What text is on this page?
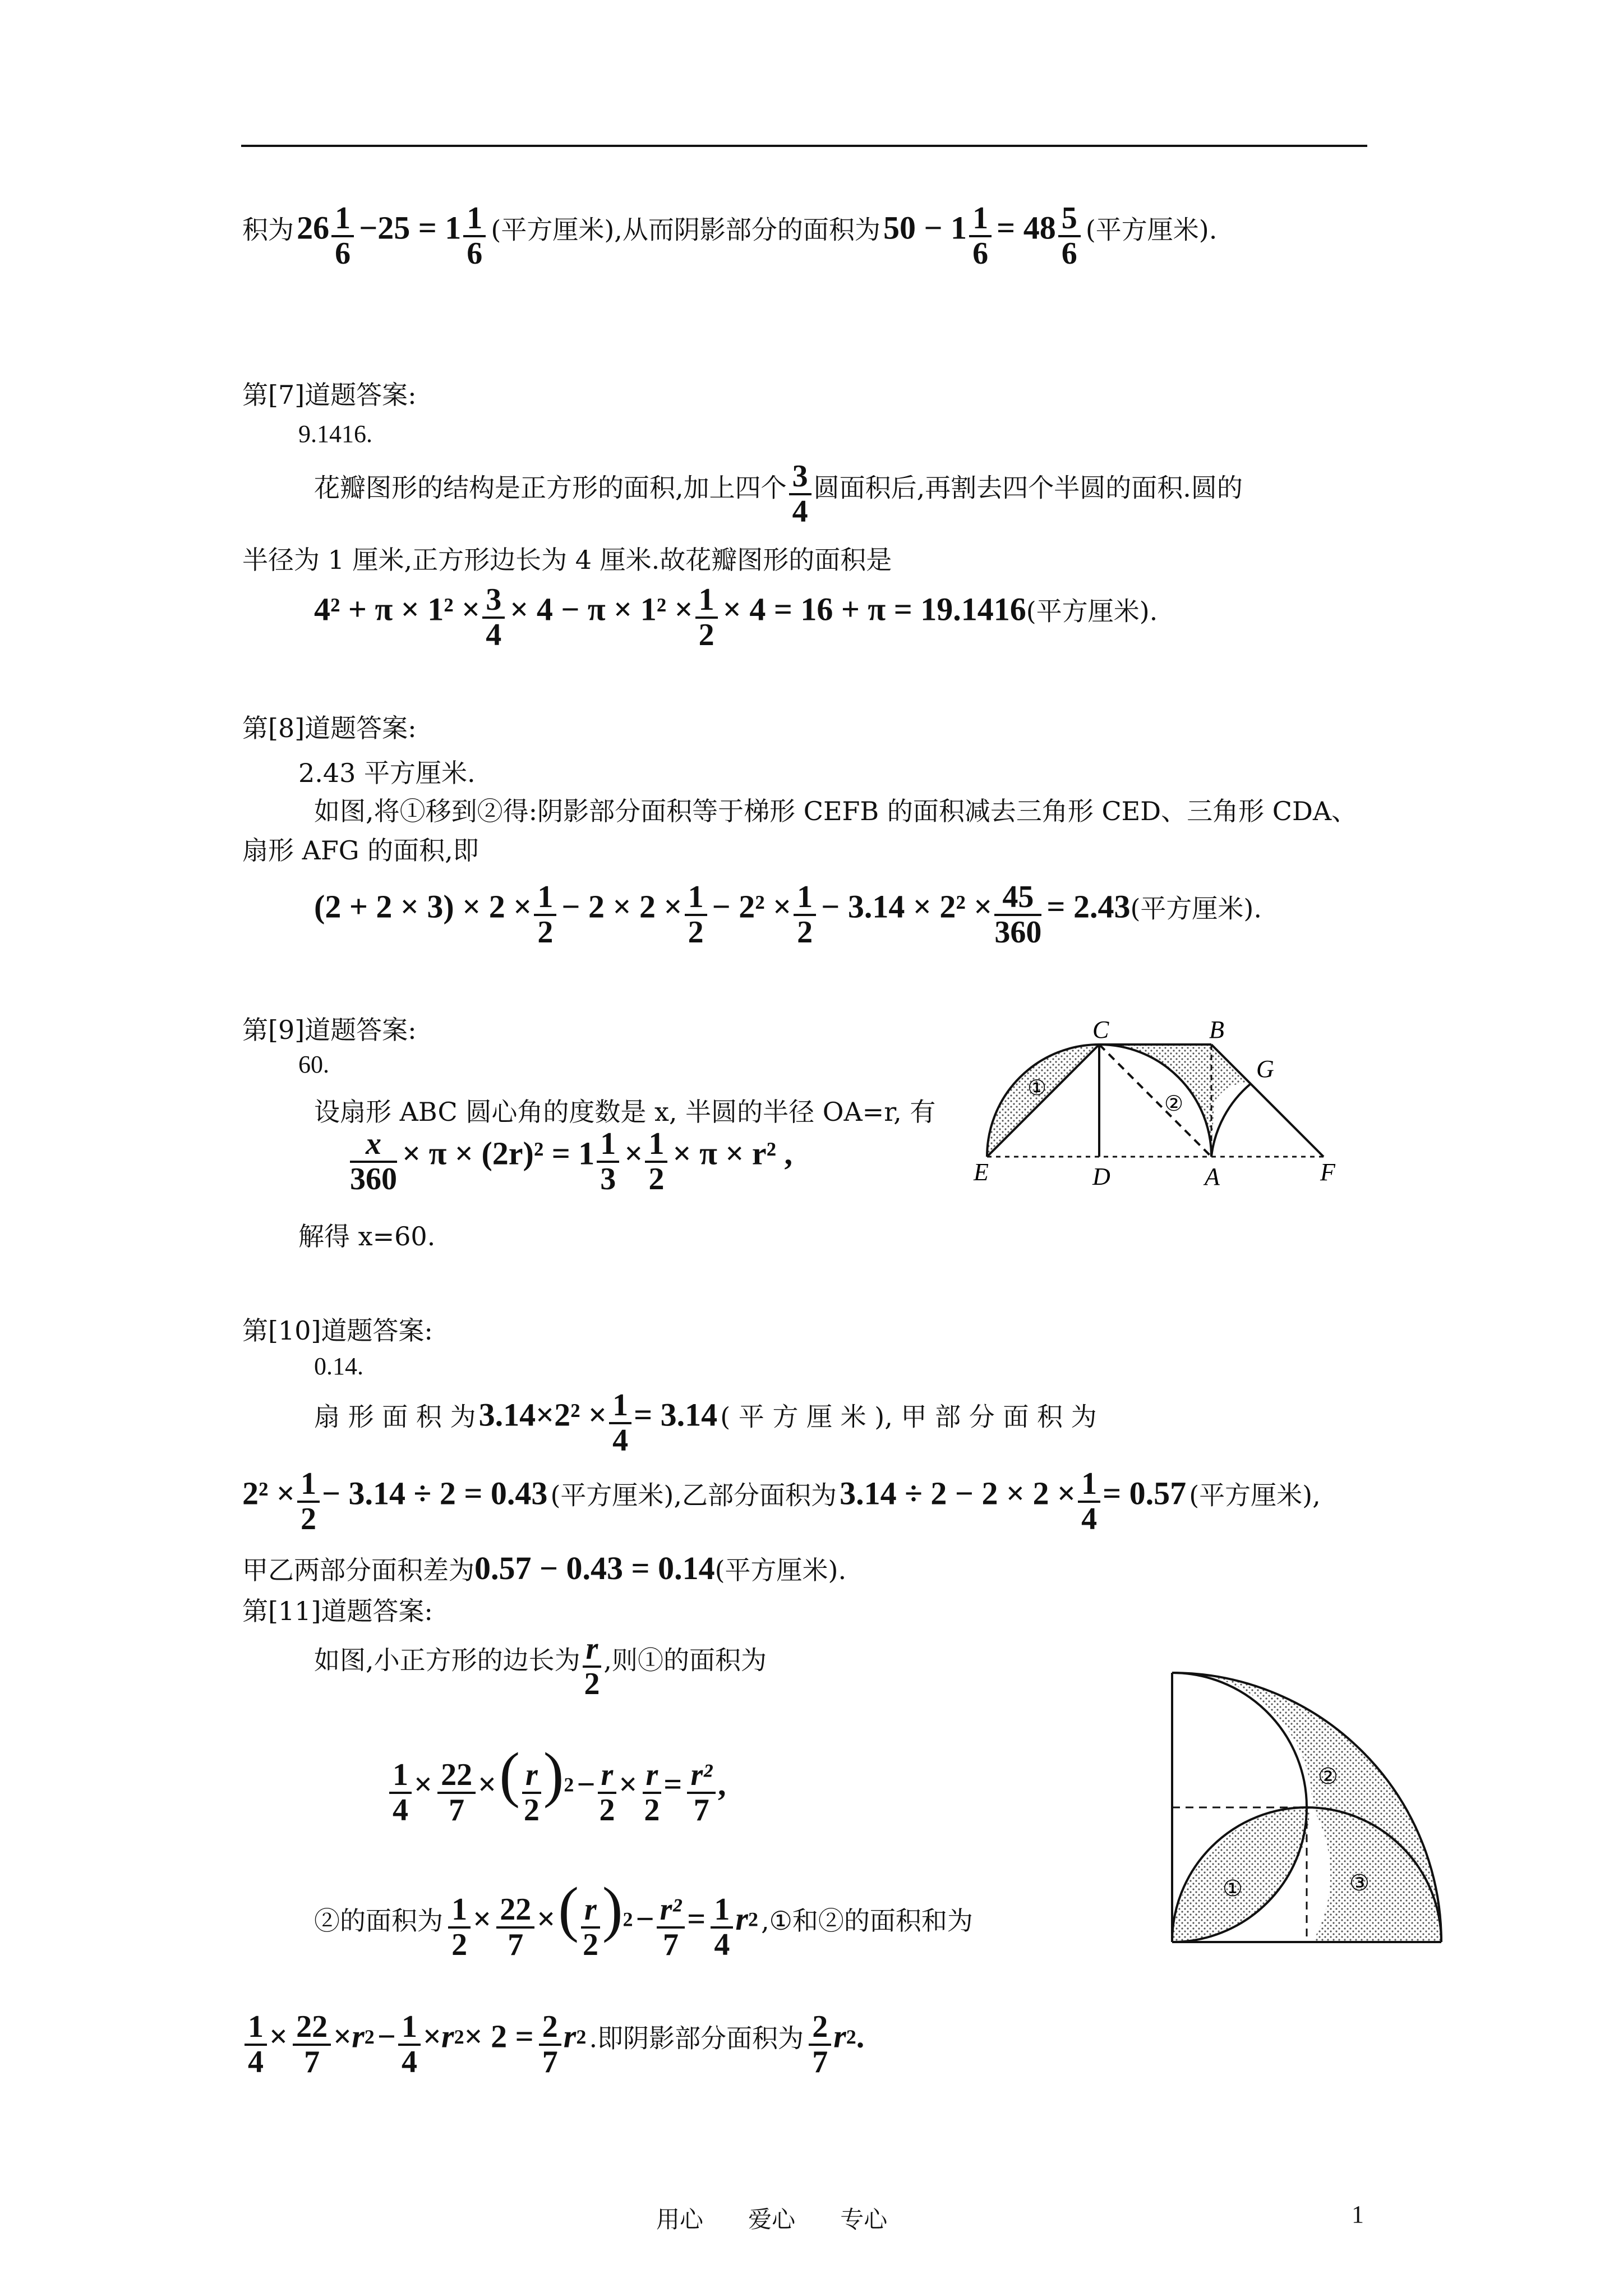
积为 $26 \frac{1}{6} -25 = 1 \frac{1}{6}$ (平方厘米),从而阴影部分的面积为 $50 - 1 \frac{1}{6} = 48 \frac{5}{6}$ (平方厘米).
第[7]道题答案:
9.1416.
花瓣图形的结构是正方形的面积,加上四个 $\frac{3}{4}$ 圆面积后,再割去四个半圆的面积.圆的
半径为 1 厘米,正方形边长为 4 厘米.故花瓣图形的面积是
$4^2 + \pi \times 1^2 \times \frac{3}{4} \times 4 - \pi \times 1^2 \times \frac{1}{2} \times 4 = 16 + \pi = 19.1416$(平方厘米).
第[8]道题答案:
2.43 平方厘米.
如图,将①移到②得:阴影部分面积等于梯形 CEFB 的面积减去三角形 CED、三角形 CDA、
扇形 AFG 的面积,即
$(2 + 2 \times 3) \times 2 \times \frac{1}{2} - 2 \times 2 \times \frac{1}{2} - 2^2 \times \frac{1}{2} - 3.14 \times 2^2 \times \frac{45}{360} = 2.43$(平方厘米).
第[9]道题答案:
60.
设扇形 ABC 圆心角的度数是 x, 半圆的半径 OA=r, 有
$\frac{x}{360} \times \pi \times (2r)^2 = 1 \frac{1}{3} \times \frac{1}{2} \times \pi \times r^2$ ,
解得 x=60.
C	B
G
E	D	A	F
①
②
第[10]道题答案:
0.14.
扇 形 面 积 为 $3.14\times 2^2 \times \frac{1}{4} = 3.14$ ( 平 方 厘 米 ), 甲 部 分 面 积 为
$2^2 \times \frac{1}{2} - 3.14 \div 2 = 0.43$ (平方厘米),乙部分面积为 $3.14 \div 2 - 2 \times 2 \times \frac{1}{4} = 0.57$ (平方厘米),
甲乙两部分面积差为0.57 − 0.43 = 0.14(平方厘米).
第[11]道题答案:
如图,小正方形的边长为 $\frac{r}{2}$ ,则①的面积为
$\frac{1}{4} \times \frac{22}{7}$ × ( $\frac{r}{2} )^2 - \frac{r}{2} \times \frac{r}{2} = \frac{\text{r²}}{7}$ ,
②的面积为 $\frac{1}{2} \times \frac{22}{7}$ × ( $\frac{r}{2} )^2 - \frac{\text{r²}}{7} = \frac{1}{4} r^2$ ,①和②的面积和为
$\frac{1}{4} \times \frac{22}{7} \times r^2 - \frac{1}{4} \times r^2\times 2 = \frac{2}{7} r^2$ .即阴影部分面积为 $\frac{2}{7} r^2$.
①
②
③
用心 爱心 专心	1
